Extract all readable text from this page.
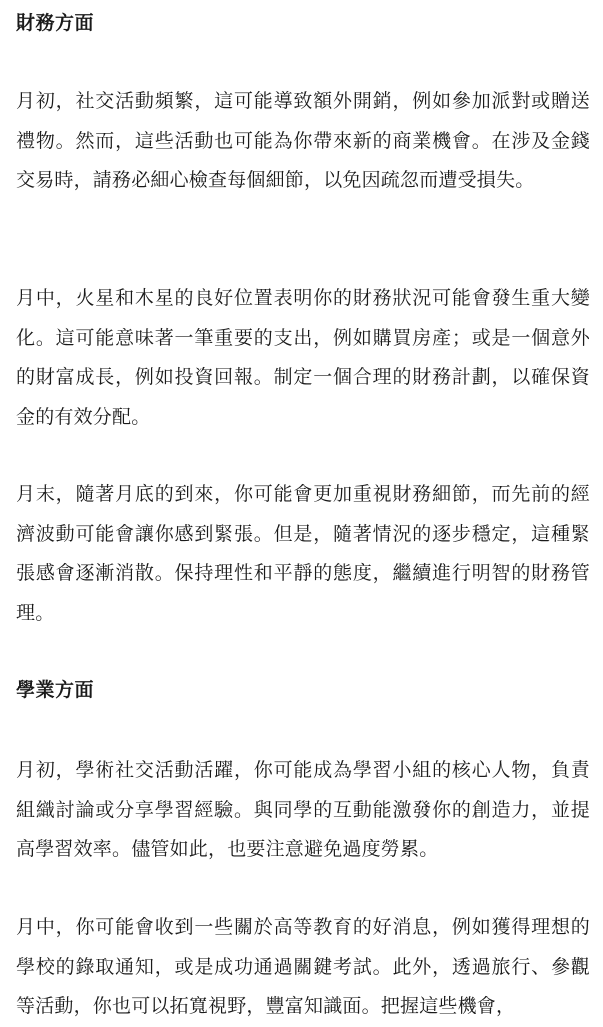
財務方面

月初，社交活動頻繁，這可能導致額外開銷，例如參加派對或贈送禮物。然而，這些活動也可能為你帶來新的商業機會。在涉及金錢交易時，請務必細心檢查每個細節，以免因疏忽而遭受損失。

月中，火星和木星的良好位置表明你的財務狀況可能會發生重大變化。這可能意味著一筆重要的支出，例如購買房產；或是一個意外的財富成長，例如投資回報。制定一個合理的財務計劃，以確保資金的有效分配。

月末，隨著月底的到來，你可能會更加重視財務細節，而先前的經濟波動可能會讓你感到緊張。但是，隨著情況的逐步穩定，這種緊張感會逐漸消散。保持理性和平靜的態度，繼續進行明智的財務管理。

學業方面

月初，學術社交活動活躍，你可能成為學習小組的核心人物，負責組織討論或分享學習經驗。與同學的互動能激發你的創造力，並提高學習效率。儘管如此，也要注意避免過度勞累。

月中，你可能會收到一些關於高等教育的好消息，例如獲得理想的學校的錄取通知，或是成功通過關鍵考試。此外，透過旅行、參觀等活動，你也可以拓寬視野，豐富知識面。把握這些機會，
